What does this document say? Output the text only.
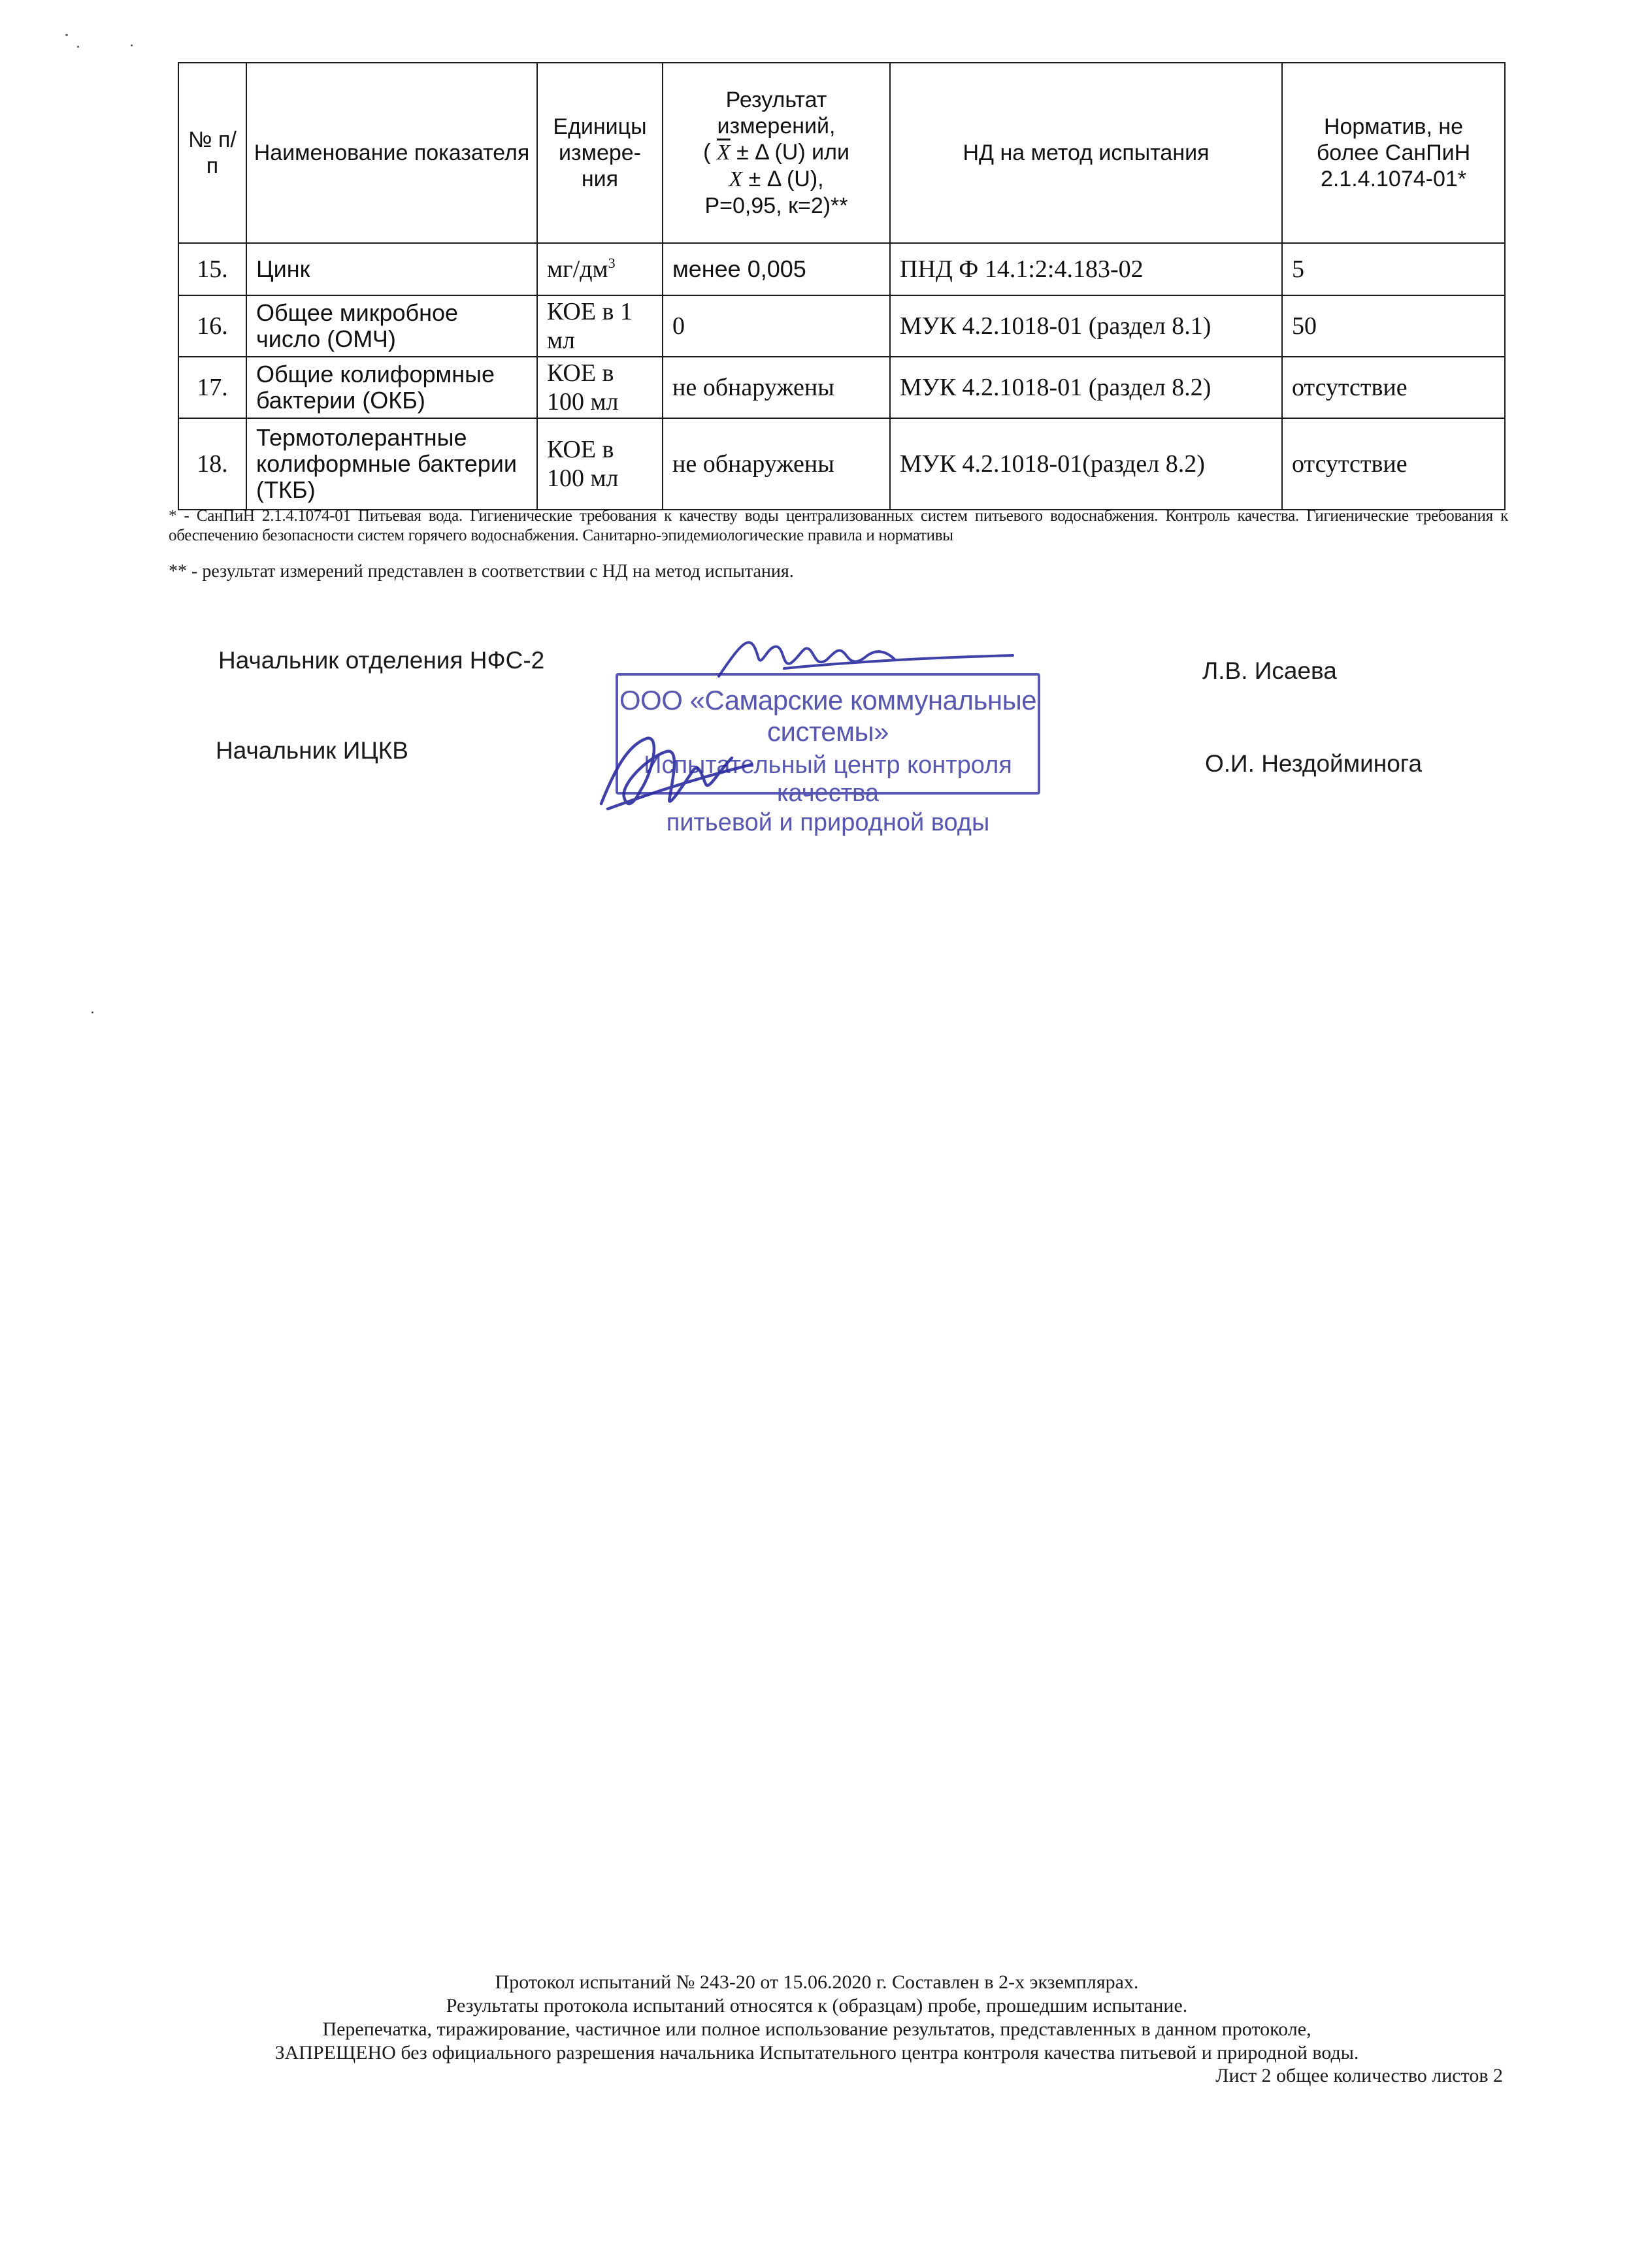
№ п/п	Наименование показателя	Единицы измере-ния	Результат измерений,
( $\overline{X} \pm \Delta$ (U) или
X ± Δ (U),
P=0,95, к=2)**	НД на метод испытания	Норматив, не более СанПиН 2.1.4.1074-01*
15.	Цинк	$мг/дм^3$	менее 0,005	ПНД Ф 14.1:2:4.183-02	5
16.	Общее микробное число (ОМЧ)	КОЕ в 1 мл	0	МУК 4.2.1018-01 (раздел 8.1)	50
17.	Общие колиформные бактерии (ОКБ)	КОЕ в 100 мл	не обнаружены	МУК 4.2.1018-01 (раздел 8.2)	отсутствие
18.	Термотолерантные колиформные бактерии (ТКБ)	КОЕ в 100 мл	не обнаружены	МУК 4.2.1018-01(раздел 8.2)	отсутствие
* - СанПиН 2.1.4.1074-01 Питьевая вода. Гигиенические требования к качеству воды централизованных систем питьевого водоснабжения. Контроль качества. Гигиенические требования к обеспечению безопасности систем горячего водоснабжения. Санитарно-эпидемиологические правила и нормативы
** - результат измерений представлен в соответствии с НД на метод испытания.
Начальник отделения НФС-2	Л.В. Исаева
Начальник ИЦКВ	О.И. Нездойминога
ООО «Самарские коммунальные системы»
Испытательный центр контроля качества
питьевой и природной воды
Протокол испытаний № 243-20 от 15.06.2020 г. Составлен в 2-х экземплярах.
Результаты протокола испытаний относятся к (образцам) пробе, прошедшим испытание.
Перепечатка, тиражирование, частичное или полное использование результатов, представленных в данном протоколе,
ЗАПРЕЩЕНО без официального разрешения начальника Испытательного центра контроля качества питьевой и природной воды.
Лист 2 общее количество листов 2
